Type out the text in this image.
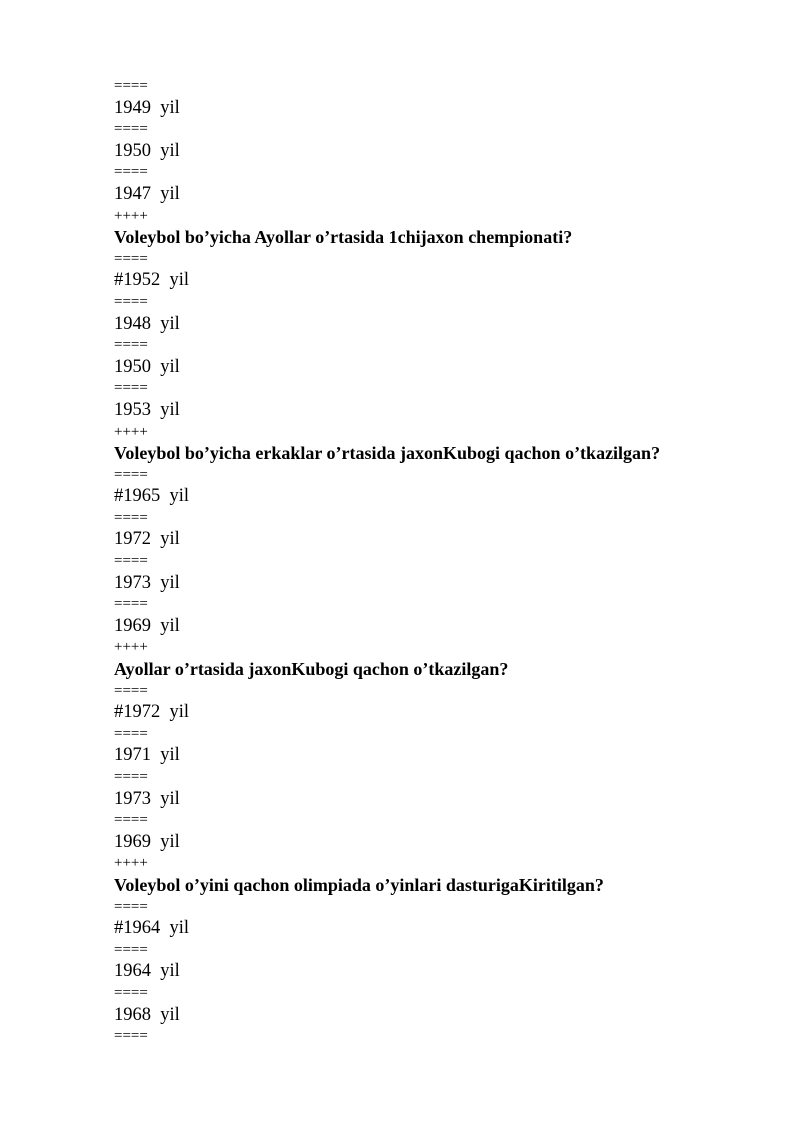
====
1949  yil
====
1950  yil
====
1947  yil
++++
Voleybol bo’yicha Ayollar o’rtasida 1chijaxon chempionati?
====
#1952  yil
====
1948  yil
====
1950  yil
====
1953  yil
++++
Voleybol bo’yicha erkaklar o’rtasida jaxonKubogi qachon o’tkazilgan?
====
#1965  yil
====
1972  yil
====
1973  yil
====
1969  yil
++++
Ayollar o’rtasida jaxonKubogi qachon o’tkazilgan?
====
#1972  yil
====
1971  yil
====
1973  yil
====
1969  yil
++++
Voleybol o’yini qachon olimpiada o’yinlari dasturigaKiritilgan?
====
#1964  yil
====
1964  yil
====
1968  yil
====
